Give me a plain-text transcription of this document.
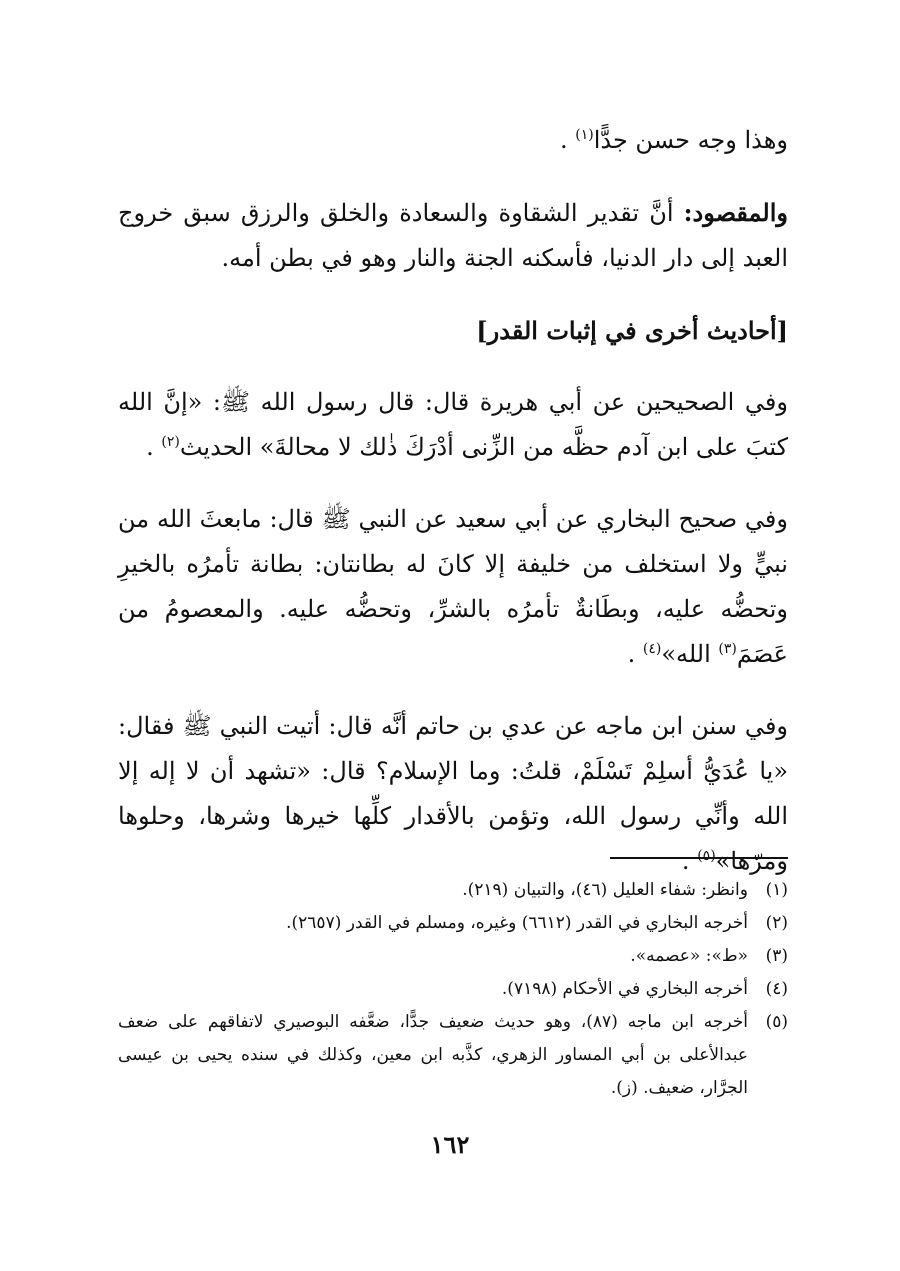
وهذا وجه حسن جدًّا$^{(١)}$ .

والمقصود: أنَّ تقدير الشقاوة والسعادة والخلق والرزق سبق خروج العبد إلى دار الدنيا، فأسكنه الجنة والنار وهو في بطن أمه.

[أحاديث أخرى في إثبات القدر]

وفي الصحيحين عن أبي هريرة قال: قال رسول الله ﷺ: «إنَّ الله كتبَ على ابن آدم حظَّه من الزِّنى أدْرَكَ ذٰلك لا محالةَ» الحديث$^{(٢)}$ .

وفي صحيح البخاري عن أبي سعيد عن النبي ﷺ قال: مابعثَ الله من نبيٍّ ولا استخلف من خليفة إلا كانَ له بطانتان: بطانة تأمرُه بالخيرِ وتحضُّه عليه، وبطَانةٌ تأمرُه بالشرِّ، وتحضُّه عليه. والمعصومُ من عَصَمَ$^{(٣)}$ الله»$^{(٤)}$ .

وفي سنن ابن ماجه عن عدي بن حاتم أنَّه قال: أتيت النبي ﷺ فقال: «يا عُدَيُّ أسلِمْ تَسْلَمْ، قلتُ: وما الإسلام؟ قال: «تشهد أن لا إله إلا الله وأنِّي رسول الله، وتؤمن بالأقدار كلِّها خيرها وشرها، وحلوها ومرّها»$^{(٥)}$ .

(١)
وانظر: شفاء العليل (٤٦)، والتبيان (٢١٩).
(٢)
أخرجه البخاري في القدر (٦٦١٢) وغيره، ومسلم في القدر (٢٦٥٧).
(٣)
«ط»: «عصمه».
(٤)
أخرجه البخاري في الأحكام (٧١٩٨).
(٥)
أخرجه ابن ماجه (٨٧)، وهو حديث ضعيف جدًّا، ضعَّفه البوصيري لاتفاقهم على ضعف عبدالأعلى بن أبي المساور الزهري، كذَّبه ابن معين، وكذلك في سنده يحيى بن عيسى الجرَّار، ضعيف. (ز).
١٦٢
